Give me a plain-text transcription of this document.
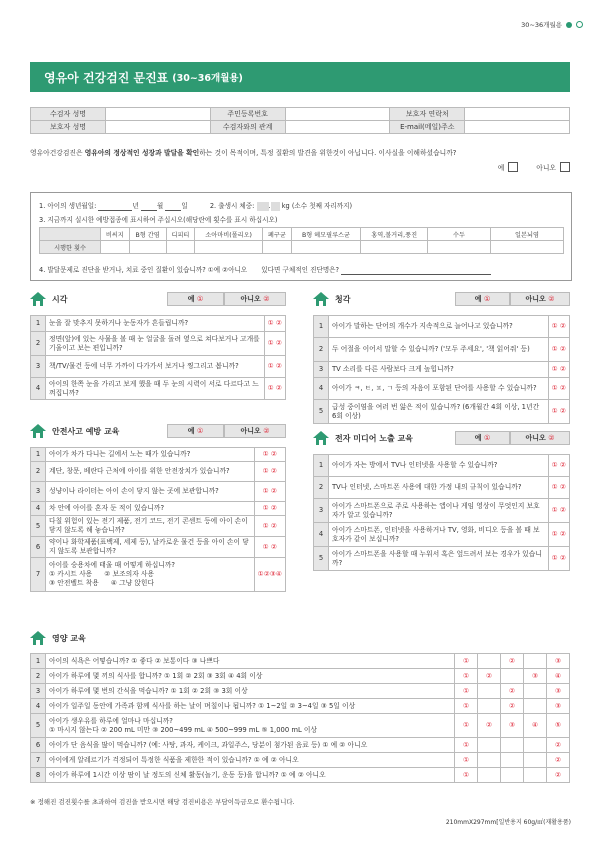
30~36개월용
영유아 건강검진 문진표 (30~36개월용)
수검자 성명		주민등록번호		보호자 연락처	
보호자 성명		수검자와의 관계		E-mail(메일)주소	
영유아건강검진은 영유아의 정상적인 성장과 발달을 확인하는 것이 목적이며, 특정 질환의 발견을 위한것이 아닙니다. 이사실을 이해하셨습니까?
예	아니오
1. 아이의 생년월일:	년	월	일	2. 출생시 체중: . kg (소수 첫째 자리까지)
3. 지금까지 실시한 예방접종에 표시하여 주십시오(해당란에 횟수를 표시 하십시오)
	비씨지	B형 간염	디피티	소아마비(폴리오)	폐구균	B형 헤모필루스균	홍역,볼거리,풍진	수두	일본뇌염
시행한 횟수									
4. 발달문제로 진단을 받거나, 치료 중인 질환이 있습니까? ①예 ②아니오 있다면 구체적인 진단명은?
시각	예 ①	아니오 ②
1	눈을 잘 맞추지 못하거나 눈동자가 흔들립니까?	① ②
2	정면(앞)에 있는 사물을 볼 때 눈 얼굴을 돌려 옆으로 쳐다보거나 고개를 기울이고 보는 편입니까?	① ②
3	책/TV/물건 등에 너무 가까이 다가가서 보거나 찡그리고 봅니까?	① ②
4	아이의 한쪽 눈을 가리고 보게 했을 때 두 눈의 시력이 서로 다르다고 느껴집니까?	① ②
안전사고 예방 교육	예 ①	아니오 ②
1	아이가 차가 다니는 길에서 노는 때가 있습니까?	① ②
2	계단, 창문, 베란다 근처에 아이를 위한 안전장치가 있습니까?	① ②
3	성냥이나 라이터는 아이 손이 닿지 않는 곳에 보관합니까?	① ②
4	차 안에 아이를 혼자 둔 적이 있습니까?	① ②
5	다칠 위험이 있는 전기 제품, 전기 코드, 전기 콘센트 등에 아이 손이 닿지 않도록 해 놓습니까?	① ②
6	약이나 화학제품(표백제, 세제 등), 날카로운 물건 등을 아이 손이 닿지 않도록 보관합니까?	① ②
7	아이를 승용차에 태울 때 어떻게 하십니까?
① 카시트 사용 ② 보조의자 사용
③ 안전벨트 착용 ④ 그냥 앉힌다	①②③④
청각	예 ①	아니오 ②
1	아이가 말하는 단어의 개수가 지속적으로 늘어나고 있습니까?	① ②
2	두 어절을 이어서 말할 수 있습니까? ('모두 주세요', '책 읽어줘' 등)	① ②
3	TV 소리를 다른 사람보다 크게 높힙니까?	① ②
4	아이가 ㅋ, ㅌ, ㅍ, ㄱ 등의 자음이 포함된 단어를 사용할 수 있습니까?	① ②
5	급성 중이염을 여러 번 앓은 적이 있습니까? (6개월간 4회 이상, 1년간 6회 이상)	① ②
전자 미디어 노출 교육	예 ①	아니오 ②
1	아이가 자는 방에서 TV나 인터넷을 사용할 수 있습니까?	① ②
2	TV나 인터넷, 스마트폰 사용에 대한 가정 내의 규칙이 있습니까?	① ②
3	아이가 스마트폰으로 주로 사용하는 앱이나 게임 영상이 무엇인지 보호자가 알고 있습니까?	① ②
4	아이가 스마트폰, 인터넷을 사용하거나 TV, 영화, 비디오 등을 볼 때 보호자가 같이 보십니까?	① ②
5	아이가 스마트폰을 사용할 때 누워서 혹은 엎드려서 보는 경우가 있습니까?	① ②
영양 교육
1	아이의 식욕은 어떻습니까? ① 좋다 ② 보통이다 ③ 나쁘다	①		②		③
2	아이가 하루에 몇 끼의 식사를 합니까? ① 1회 ② 2회 ③ 3회 ④ 4회 이상	①	②		③	④
3	아이가 하루에 몇 번의 간식을 먹습니까? ① 1회 ② 2회 ③ 3회 이상	①		②		③
4	아이가 일주일 동안에 가족과 함께 식사를 하는 날이 며칠이나 됩니까? ① 1~2일 ② 3~4일 ③ 5일 이상	①		②		③
5	아이가 생우유를 하루에 얼마나 마십니까?
① 마시지 않는다 ② 200 mL 미만 ③ 200~499 mL ④ 500~999 mL ⑤ 1,000 mL 이상	①	②	③	④	⑤
6	아이가 단 음식을 많이 먹습니까? (예: 사탕, 과자, 케이크, 과일주스, 당분이 첨가된 음료 등) ① 예 ② 아니오	①				②
7	아이에게 알레르기가 걱정되어 특정한 식품을 제한한 적이 있습니까? ① 예 ② 아니오	①				②
8	아이가 하루에 1시간 이상 땀이 날 정도의 신체 활동(놀기, 운동 등)을 합니까? ① 예 ② 아니오	①				②
※ 정해진 검진횟수를 초과하여 검진을 받으시면 해당 검진비용은 부담이득금으로 환수됩니다.
210mmX297mm[일반용지 60g/㎡(재활용품)
